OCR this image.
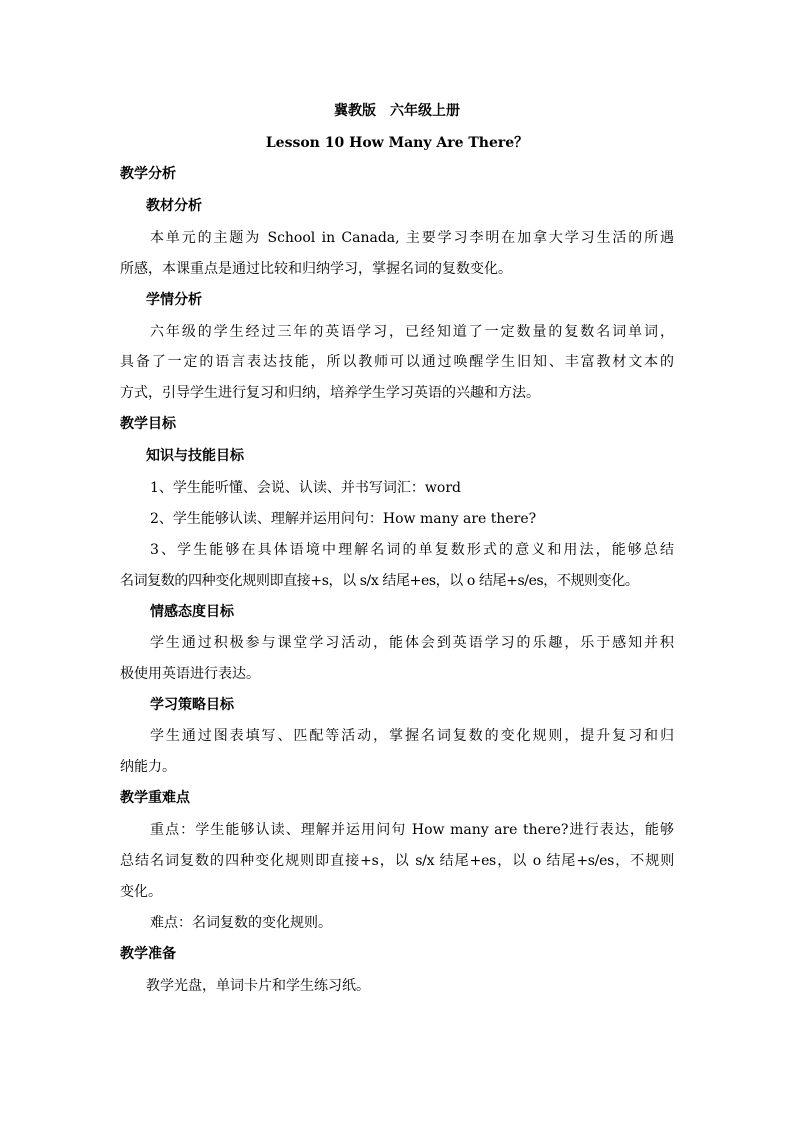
冀教版　六年级上册
Lesson 10 How Many Are There？
教学分析
教材分析
本单元的主题为 School in Canada, 主要学习李明在加拿大学习生活的所遇
所感，本课重点是通过比较和归纳学习，掌握名词的复数变化。
学情分析
六年级的学生经过三年的英语学习，已经知道了一定数量的复数名词单词，
具备了一定的语言表达技能，所以教师可以通过唤醒学生旧知、丰富教材文本的
方式，引导学生进行复习和归纳，培养学生学习英语的兴趣和方法。
教学目标
知识与技能目标
1、学生能听懂、会说、认读、并书写词汇：word
2、学生能够认读、理解并运用问句：How many are there?
3、学生能够在具体语境中理解名词的单复数形式的意义和用法，能够总结
名词复数的四种变化规则即直接+s，以 s/x 结尾+es，以 o 结尾+s/es，不规则变化。
情感态度目标
学生通过积极参与课堂学习活动，能体会到英语学习的乐趣，乐于感知并积
极使用英语进行表达。
学习策略目标
学生通过图表填写、匹配等活动，掌握名词复数的变化规则，提升复习和归
纳能力。
教学重难点
重点：学生能够认读、理解并运用问句 How many are there?进行表达，能够
总结名词复数的四种变化规则即直接+s，以 s/x 结尾+es，以 o 结尾+s/es，不规则
变化。
难点：名词复数的变化规则。
教学准备
教学光盘，单词卡片和学生练习纸。
